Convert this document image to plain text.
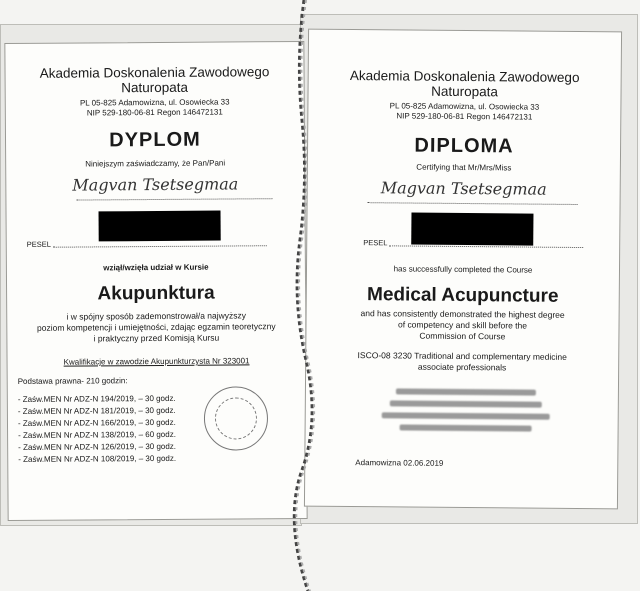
Akademia Doskonalenia Zawodowego
Naturopata
PL 05-825 Adamowizna, ul. Osowiecka 33
NIP 529-180-06-81 Regon 146472131
DYPLOM
Niniejszym zaświadczamy, że Pan/Pani
Magvan Tsetsegmaa
PESEL
wziął/wzięła udział w Kursie
Akupunktura
i w spójny sposób zademonstrował/a najwyższy
poziom kompetencji i umiejętności, zdając egzamin teoretyczny
i praktyczny przed Komisją Kursu
Kwalifikacje w zawodzie Akupunkturzysta Nr 323001
Podstawa prawna- 210 godzin:
- Zaśw.MEN Nr ADZ-N 194/2019, – 30 godz.
- Zaśw.MEN Nr ADZ-N 181/2019, – 30 godz.
- Zaśw.MEN Nr ADZ-N 166/2019, – 30 godz.
- Zaśw.MEN Nr ADZ-N 138/2019, – 60 godz.
- Zaśw.MEN Nr ADZ-N 126/2019, – 30 godz.
- Zaśw.MEN Nr ADZ-N 108/2019, – 30 godz.
Akademia Doskonalenia Zawodowego
Naturopata
PL 05-825 Adamowizna, ul. Osowiecka 33
NIP 529-180-06-81 Regon 146472131
DIPLOMA
Certifying that Mr/Mrs/Miss
Magvan Tsetsegmaa
PESEL
has successfully completed the Course
Medical Acupuncture
and has consistently demonstrated the highest degree
of competency and skill before the
Commission of Course
ISCO-08 3230 Traditional and complementary medicine
associate professionals
Adamowizna 02.06.2019
